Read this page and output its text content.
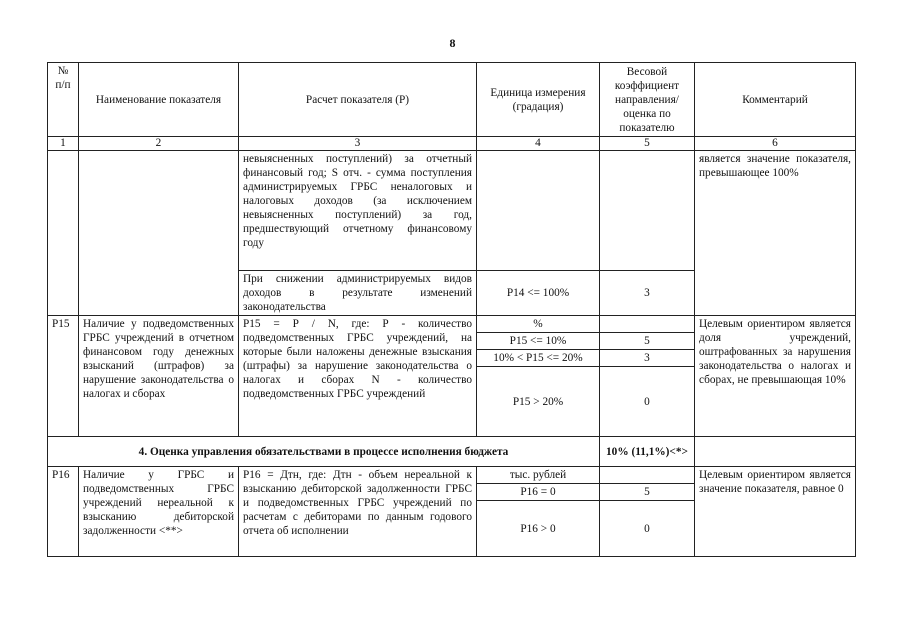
8
№ п/п	Наименование показателя	Расчет показателя (Р)	Единица измерения (градация)	Весовой коэффициент направления/ оценка по показателю	Комментарий
1	2	3	4	5	6
		невыясненных поступлений) за отчетный финансовый год; S отч. - сумма поступления администрируемых ГРБС неналоговых и налоговых доходов (за исключением невыясненных поступлений) за год, предшествующий отчетному финансовому году			является значение показателя, превышающее 100%
		При снижении администрируемых видов доходов в результате изменений законодательства	P14 <= 100%	3	
Р15	Наличие у подведомственных ГРБС учреждений в отчетном финансовом году денежных взысканий (штрафов) за нарушение законодательства о налогах и сборах	Р15 = Р / N, где: Р - количество подведомственных ГРБС учреждений, на которые были наложены денежные взыскания (штрафы) за нарушение законодательства о налогах и сборах N - количество подведомственных ГРБС учреждений	%		Целевым ориентиром является доля учреждений, оштрафованных за нарушения законодательства о налогах и сборах, не превышающая 10%
			Р15 <= 10%	5	
			10% < Р15 <= 20%	3	
			Р15 > 20%	0	
4. Оценка управления обязательствами в процессе исполнения бюджета				10% (11,1%)<*>	
Р16	Наличие у ГРБС и подведомственных ГРБС учреждений нереальной к взысканию дебиторской задолженности <**>	Р16 = Дтн, где: Дтн - объем нереальной к взысканию дебиторской задолженности ГРБС и подведомственных ГРБС учреждений по расчетам с дебиторами по данным годового отчета об исполнении	тыс. рублей		Целевым ориентиром является значение показателя, равное 0
			Р16 = 0	5	
			Р16 > 0	0	
